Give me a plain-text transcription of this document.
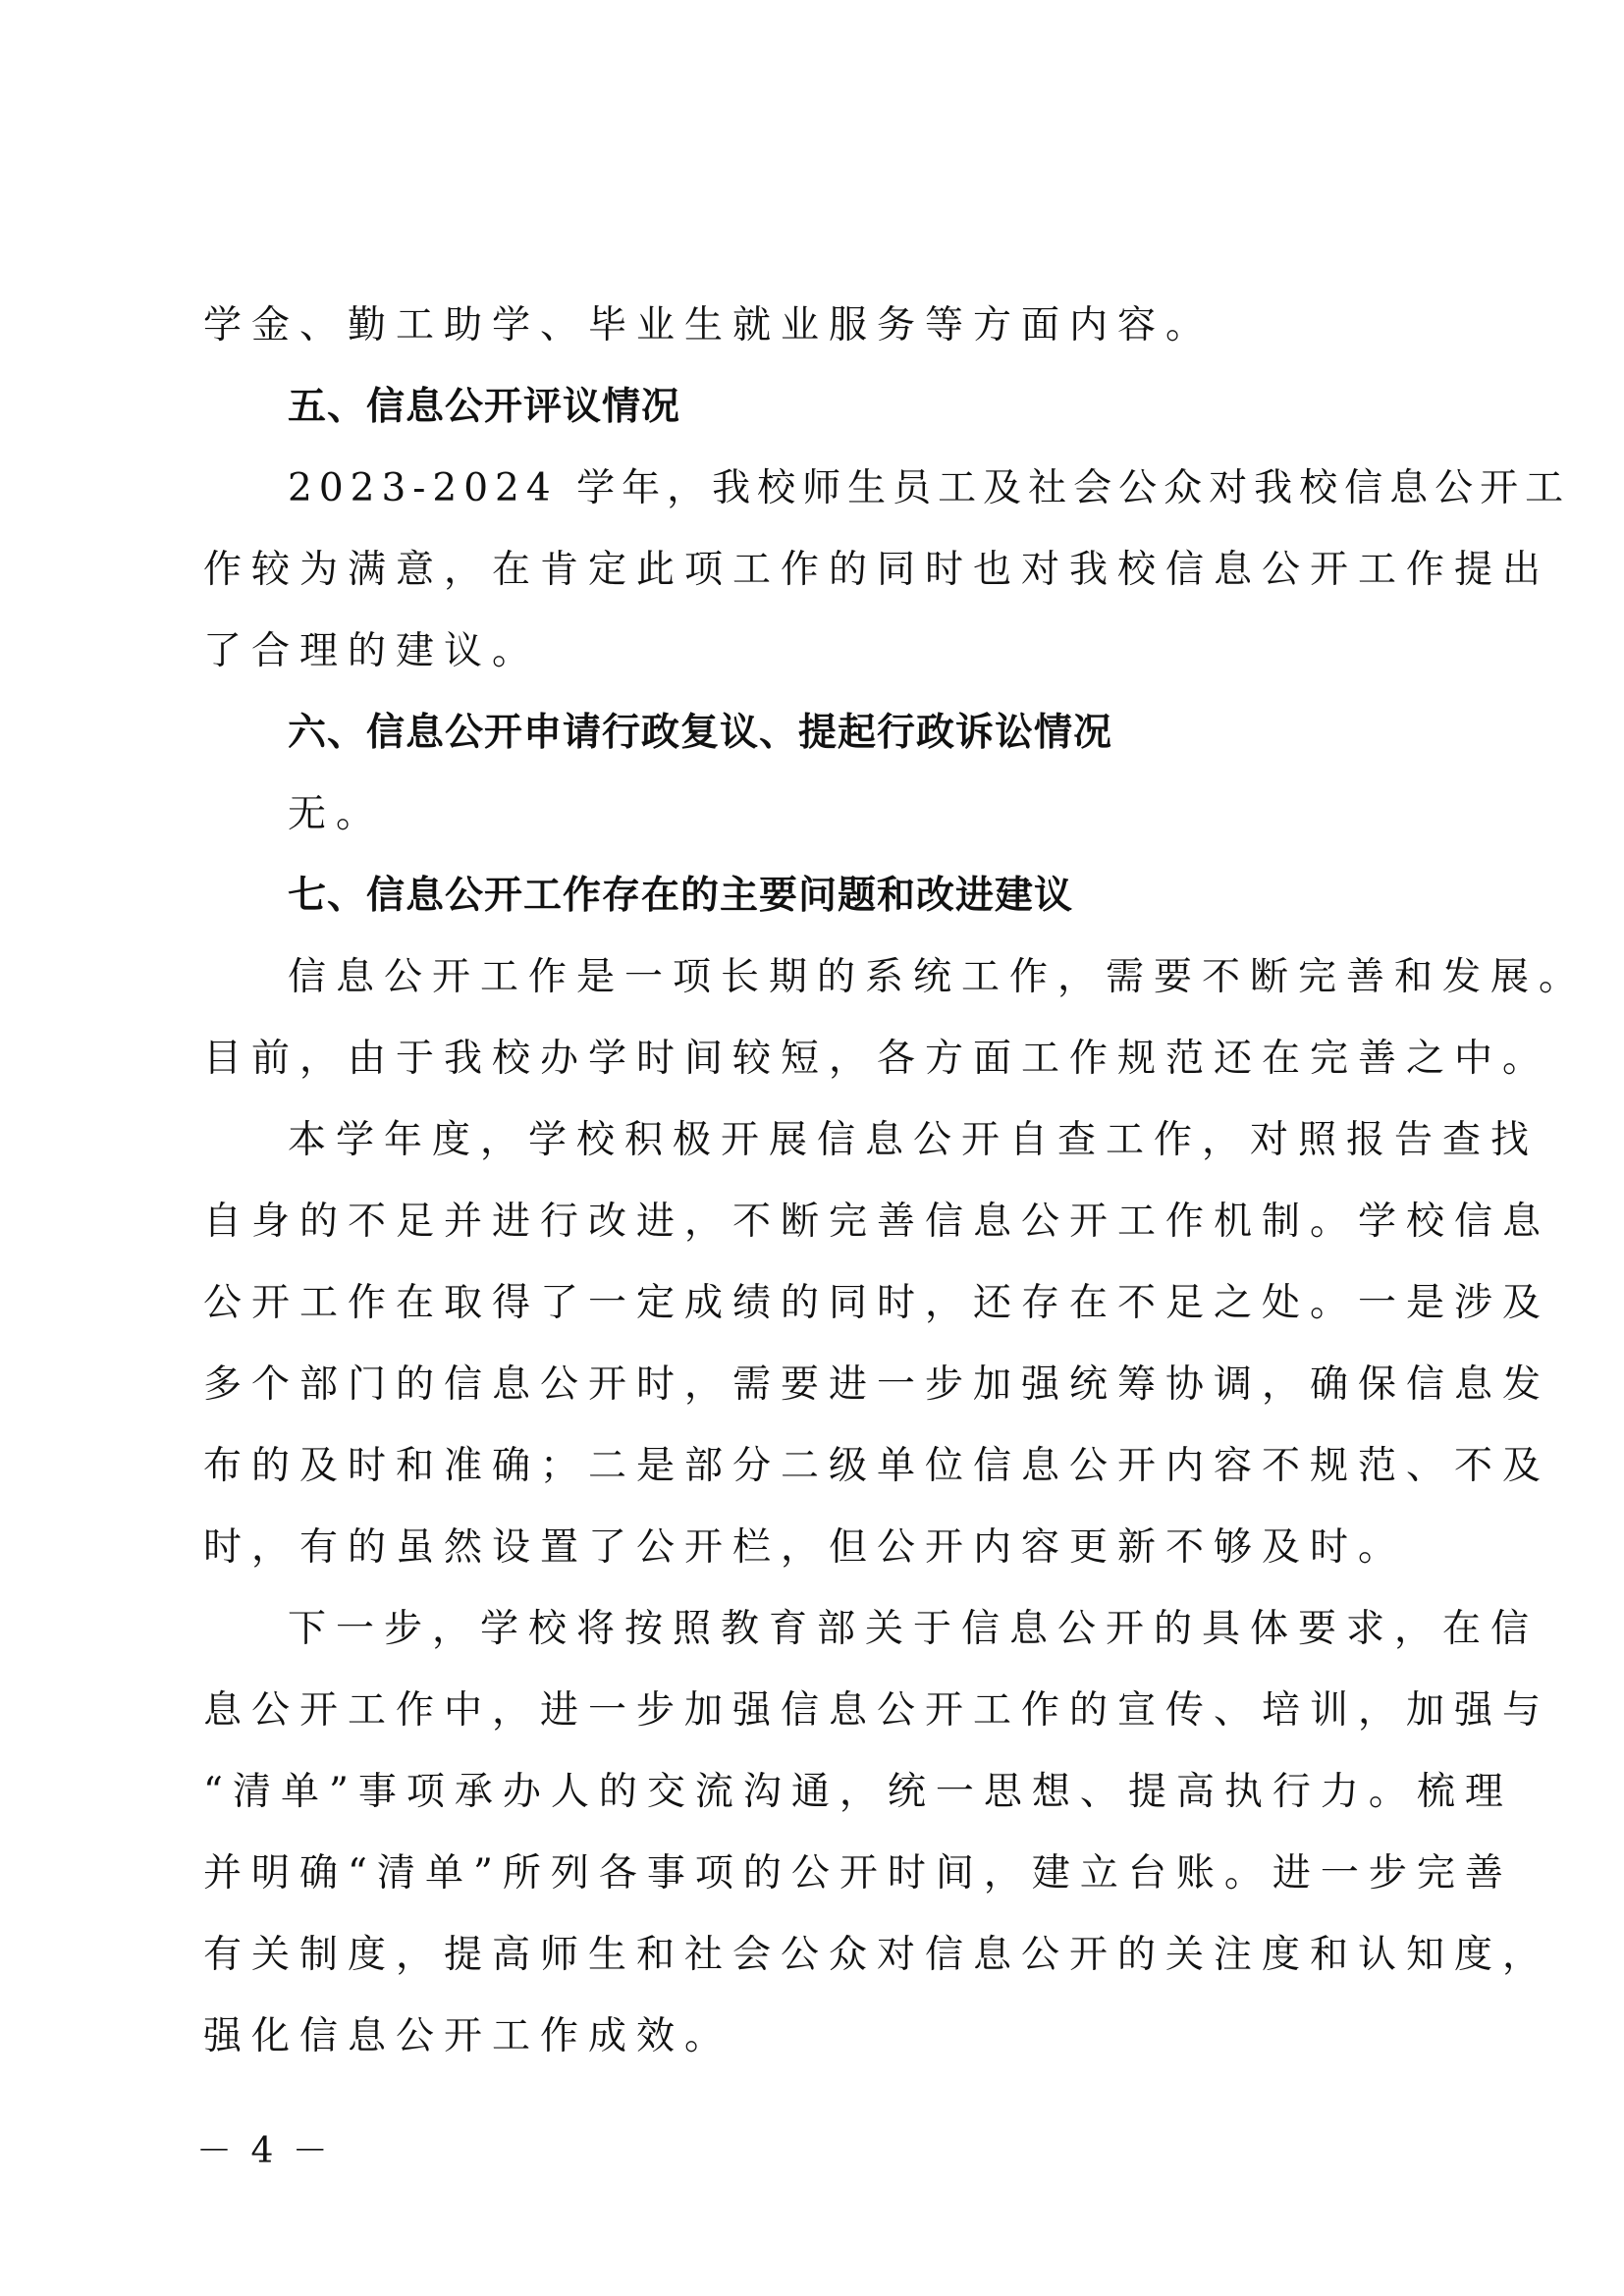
学金、勤工助学、毕业生就业服务等方面内容。
五、信息公开评议情况
2023-2024 学年，我校师生员工及社会公众对我校信息公开工
作较为满意，在肯定此项工作的同时也对我校信息公开工作提出
了合理的建议。
六、信息公开申请行政复议、提起行政诉讼情况
无。
七、信息公开工作存在的主要问题和改进建议
信息公开工作是一项长期的系统工作，需要不断完善和发展。
目前，由于我校办学时间较短，各方面工作规范还在完善之中。
本学年度，学校积极开展信息公开自查工作，对照报告查找
自身的不足并进行改进，不断完善信息公开工作机制。学校信息
公开工作在取得了一定成绩的同时，还存在不足之处。一是涉及
多个部门的信息公开时，需要进一步加强统筹协调，确保信息发
布的及时和准确；二是部分二级单位信息公开内容不规范、不及
时，有的虽然设置了公开栏，但公开内容更新不够及时。
下一步，学校将按照教育部关于信息公开的具体要求，在信
息公开工作中，进一步加强信息公开工作的宣传、培训，加强与
“清单”事项承办人的交流沟通，统一思想、提高执行力。梳理
并明确“清单”所列各事项的公开时间，建立台账。进一步完善
有关制度，提高师生和社会公众对信息公开的关注度和认知度，
强化信息公开工作成效。
－ 4 －
